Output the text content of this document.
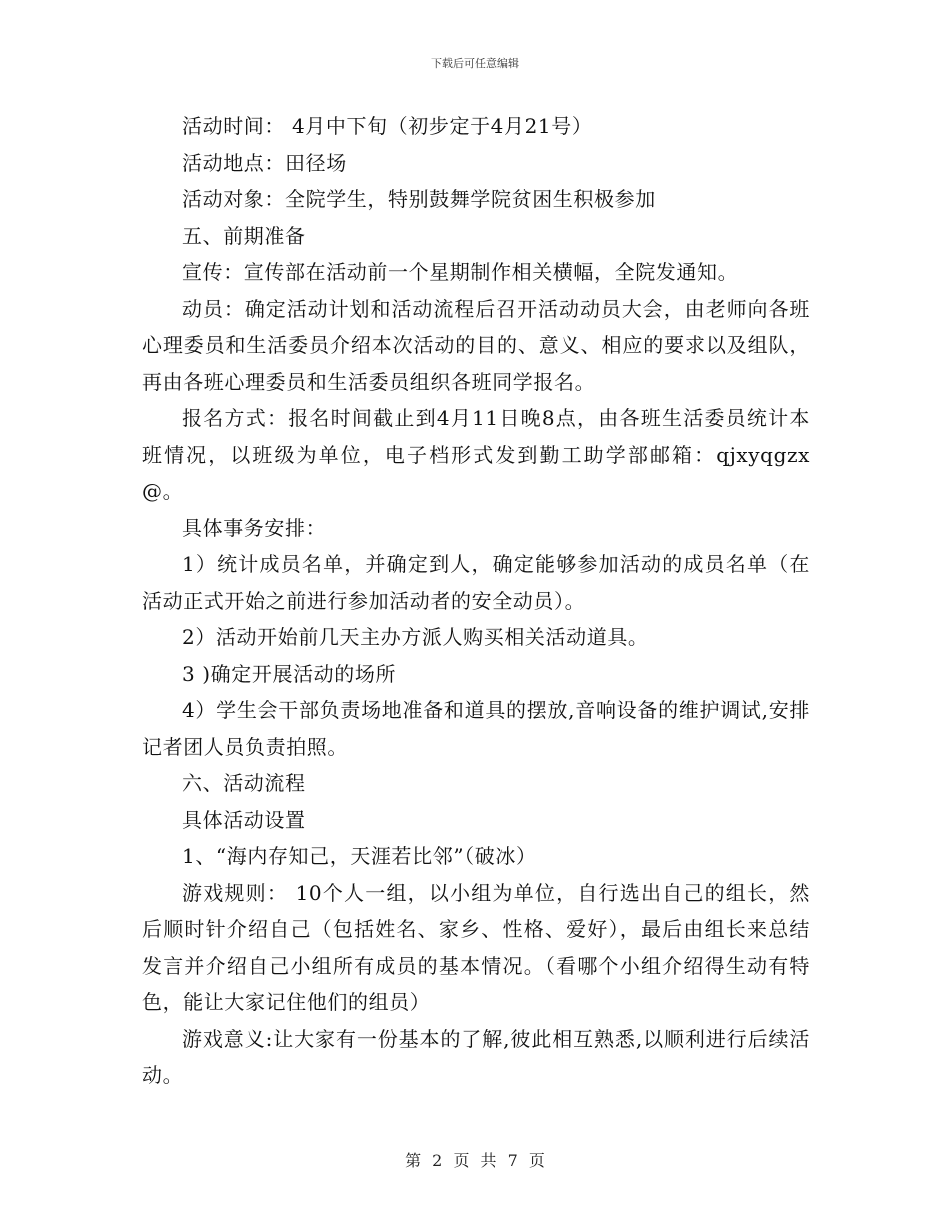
下载后可任意编辑

活动时间： 4月中下旬（初步定于4月21号）

活动地点：田径场

活动对象：全院学生，特别鼓舞学院贫困生积极参加

五、前期准备

宣传：宣传部在活动前一个星期制作相关横幅，全院发通知。

动员：确定活动计划和活动流程后召开活动动员大会，由老师向各班心理委员和生活委员介绍本次活动的目的、意义、相应的要求以及组队，再由各班心理委员和生活委员组织各班同学报名。

报名方式：报名时间截止到4月11日晚8点，由各班生活委员统计本班情况，以班级为单位，电子档形式发到勤工助学部邮箱：qjxyqgzx@。

具体事务安排：

1）统计成员名单，并确定到人，确定能够参加活动的成员名单（在活动正式开始之前进行参加活动者的安全动员）。

2）活动开始前几天主办方派人购买相关活动道具。

3 )确定开展活动的场所

4）学生会干部负责场地准备和道具的摆放,音响设备的维护调试,安排记者团人员负责拍照。

六、活动流程

具体活动设置

1、“海内存知己，天涯若比邻”（破冰）

游戏规则： 10个人一组，以小组为单位，自行选出自己的组长，然后顺时针介绍自己（包括姓名、家乡、性格、爱好），最后由组长来总结发言并介绍自己小组所有成员的基本情况。（看哪个小组介绍得生动有特色，能让大家记住他们的组员）

游戏意义:让大家有一份基本的了解,彼此相互熟悉,以顺利进行后续活动。

第 2 页 共 7 页
